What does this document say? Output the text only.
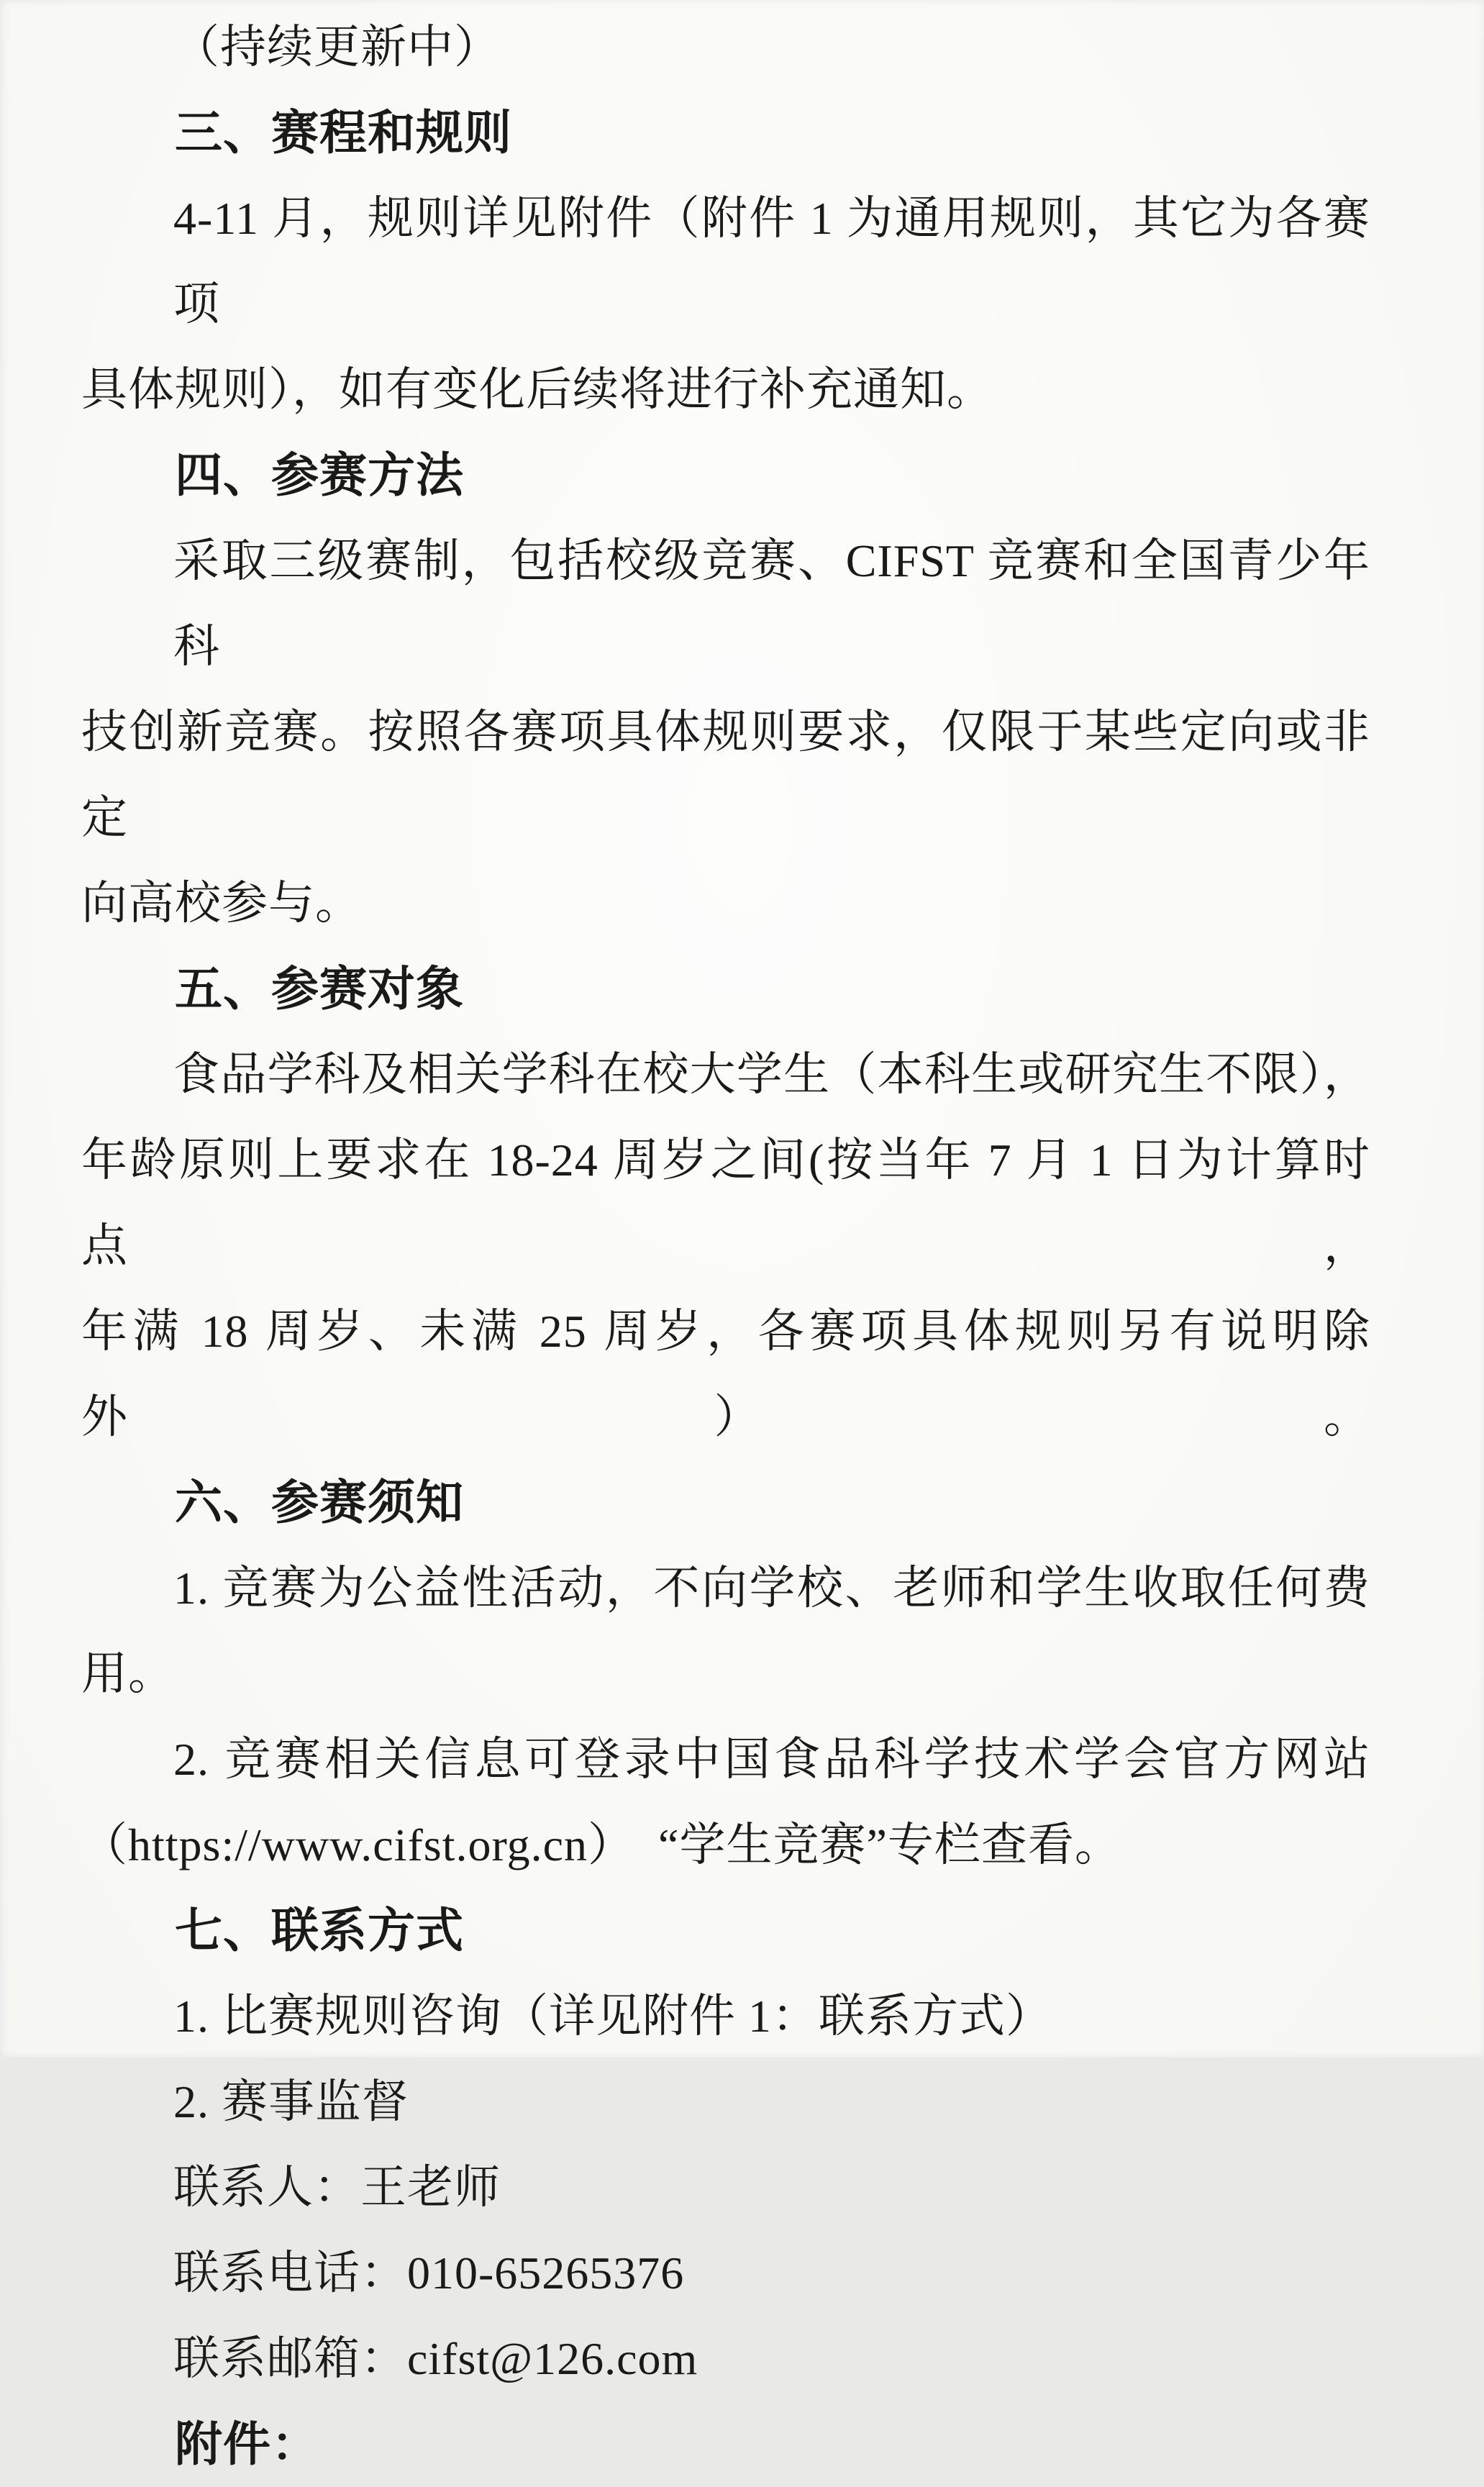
（持续更新中）
三、赛程和规则
4-11 月，规则详见附件（附件 1 为通用规则，其它为各赛项
具体规则），如有变化后续将进行补充通知。
四、参赛方法
采取三级赛制，包括校级竞赛、CIFST 竞赛和全国青少年科
技创新竞赛。按照各赛项具体规则要求，仅限于某些定向或非定
向高校参与。
五、参赛对象
食品学科及相关学科在校大学生（本科生或研究生不限），
年龄原则上要求在 18-24 周岁之间(按当年 7 月 1 日为计算时点，
年满 18 周岁、未满 25 周岁，各赛项具体规则另有说明除外）。
六、参赛须知
1. 竞赛为公益性活动，不向学校、老师和学生收取任何费
用。
2. 竞赛相关信息可登录中国食品科学技术学会官方网站
（https://www.cifst.org.cn）　“学生竞赛”专栏查看。
七、联系方式
1. 比赛规则咨询（详见附件 1：联系方式）
2. 赛事监督
联系人：王老师
联系电话：010-65265376
联系邮箱：cifst@126.com
附件：
